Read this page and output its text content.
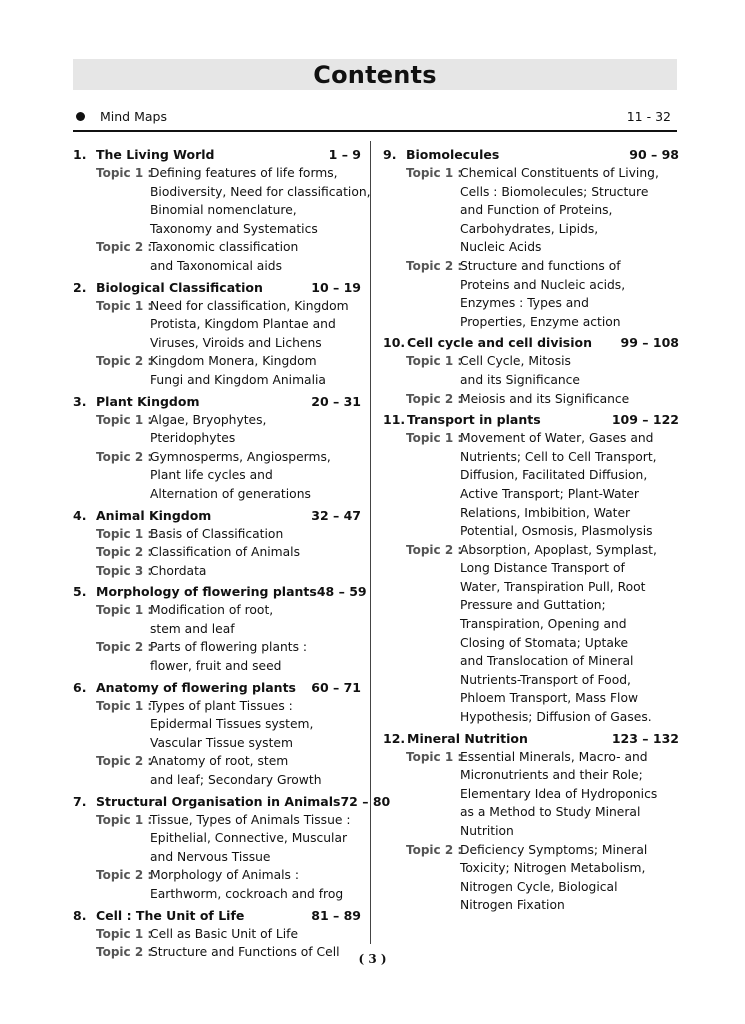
Contents
Mind Maps	11 - 32
1. The Living World	1 – 9
Topic 1 :
Defining features of life forms,
Biodiversity, Need for classification,
Binomial nomenclature,
Taxonomy and Systematics
Topic 2 :
Taxonomic classification
and Taxonomical aids
2. Biological Classification	10 – 19
Topic 1 :
Need for classification, Kingdom
Protista, Kingdom Plantae and
Viruses, Viroids and Lichens
Topic 2 :
Kingdom Monera, Kingdom
Fungi and Kingdom Animalia
3. Plant Kingdom	20 – 31
Topic 1 :
Algae, Bryophytes,
Pteridophytes
Topic 2 :
Gymnosperms, Angiosperms,
Plant life cycles and
Alternation of generations
4. Animal Kingdom	32 – 47
Topic 1 :
Basis of Classification
Topic 2 :
Classification of Animals
Topic 3 :
Chordata
5. Morphology of flowering plants 48 – 59
Topic 1 :
Modification of root,
stem and leaf
Topic 2 :
Parts of flowering plants :
flower, fruit and seed
6. Anatomy of flowering plants	60 – 71
Topic 1 :
Types of plant Tissues :
Epidermal Tissues system,
Vascular Tissue system
Topic 2 :
Anatomy of root, stem
and leaf; Secondary Growth
7. Structural Organisation in Animals 72 – 80
Topic 1 :
Tissue, Types of Animals Tissue :
Epithelial, Connective, Muscular
and Nervous Tissue
Topic 2 :
Morphology of Animals :
Earthworm, cockroach and frog
8. Cell : The Unit of Life	81 – 89
Topic 1 :
Cell as Basic Unit of Life
Topic 2 :
Structure and Functions of Cell
9. Biomolecules	90 – 98
Topic 1 :
Chemical Constituents of Living,
Cells : Biomolecules; Structure
and Function of Proteins,
Carbohydrates, Lipids,
Nucleic Acids
Topic 2 :
Structure and functions of
Proteins and Nucleic acids,
Enzymes : Types and
Properties, Enzyme action
10. Cell cycle and cell division	99 – 108
Topic 1 :
Cell Cycle, Mitosis
and its Significance
Topic 2 :
Meiosis and its Significance
11. Transport in plants	109 – 122
Topic 1 :
Movement of Water, Gases and
Nutrients; Cell to Cell Transport,
Diffusion, Facilitated Diffusion,
Active Transport; Plant-Water
Relations, Imbibition, Water
Potential, Osmosis, Plasmolysis
Topic 2 :
Absorption, Apoplast, Symplast,
Long Distance Transport of
Water, Transpiration Pull, Root
Pressure and Guttation;
Transpiration, Opening and
Closing of Stomata; Uptake
and Translocation of Mineral
Nutrients-Transport of Food,
Phloem Transport, Mass Flow
Hypothesis; Diffusion of Gases.
12. Mineral Nutrition	123 – 132
Topic 1 :
Essential Minerals, Macro- and
Micronutrients and their Role;
Elementary Idea of Hydroponics
as a Method to Study Mineral
Nutrition
Topic 2 :
Deficiency Symptoms; Mineral
Toxicity; Nitrogen Metabolism,
Nitrogen Cycle, Biological
Nitrogen Fixation
( 3 )
